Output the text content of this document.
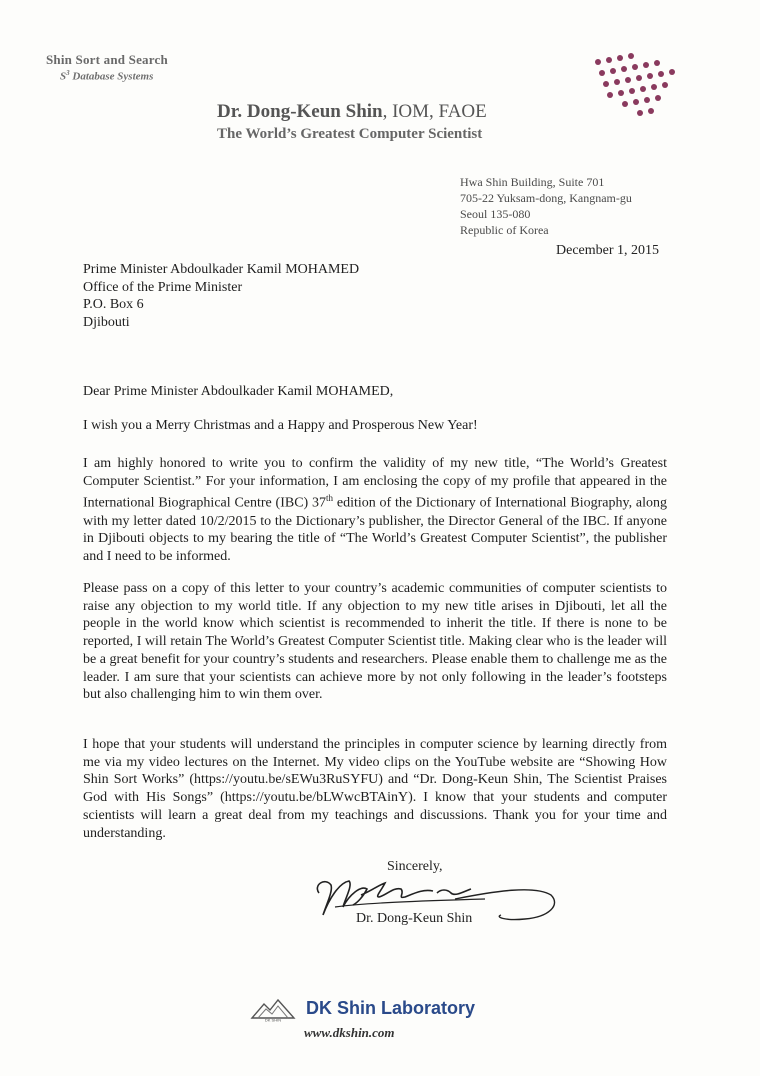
Shin Sort and Search
$S^3$ Database Systems
Dr. Dong-Keun Shin, IOM, FAOE
The World’s Greatest Computer Scientist
Hwa Shin Building, Suite 701
705-22 Yuksam-dong, Kangnam-gu
Seoul 135-080
Republic of Korea
December 1, 2015
Prime Minister Abdoulkader Kamil MOHAMED
Office of the Prime Minister
P.O. Box 6
Djibouti
Dear Prime Minister Abdoulkader Kamil MOHAMED,
I wish you a Merry Christmas and a Happy and Prosperous New Year!
I am highly honored to write you to confirm the validity of my new title, “The World’s Greatest Computer Scientist.” For your information, I am enclosing the copy of my profile that appeared in the International Biographical Centre (IBC) 37th edition of the Dictionary of International Biography, along with my letter dated 10/2/2015 to the Dictionary’s publisher, the Director General of the IBC. If anyone in Djibouti objects to my bearing the title of “The World’s Greatest Computer Scientist”, the publisher and I need to be informed.
Please pass on a copy of this letter to your country’s academic communities of computer scientists to raise any objection to my world title. If any objection to my new title arises in Djibouti, let all the people in the world know which scientist is recommended to inherit the title. If there is none to be reported, I will retain The World’s Greatest Computer Scientist title. Making clear who is the leader will be a great benefit for your country’s students and researchers. Please enable them to challenge me as the leader. I am sure that your scientists can achieve more by not only following in the leader’s footsteps but also challenging him to win them over.
I hope that your students will understand the principles in computer science by learning directly from me via my video lectures on the Internet. My video clips on the YouTube website are “Showing How Shin Sort Works” (https://youtu.be/sEWu3RuSYFU) and “Dr. Dong-Keun Shin, The Scientist Praises God with His Songs” (https://youtu.be/bLWwcBTAinY). I know that your students and computer scientists will learn a great deal from my teachings and discussions. Thank you for your time and understanding.
Sincerely,
Dr. Dong-Keun Shin
DK SHIN
DK Shin Laboratory
www.dkshin.com
